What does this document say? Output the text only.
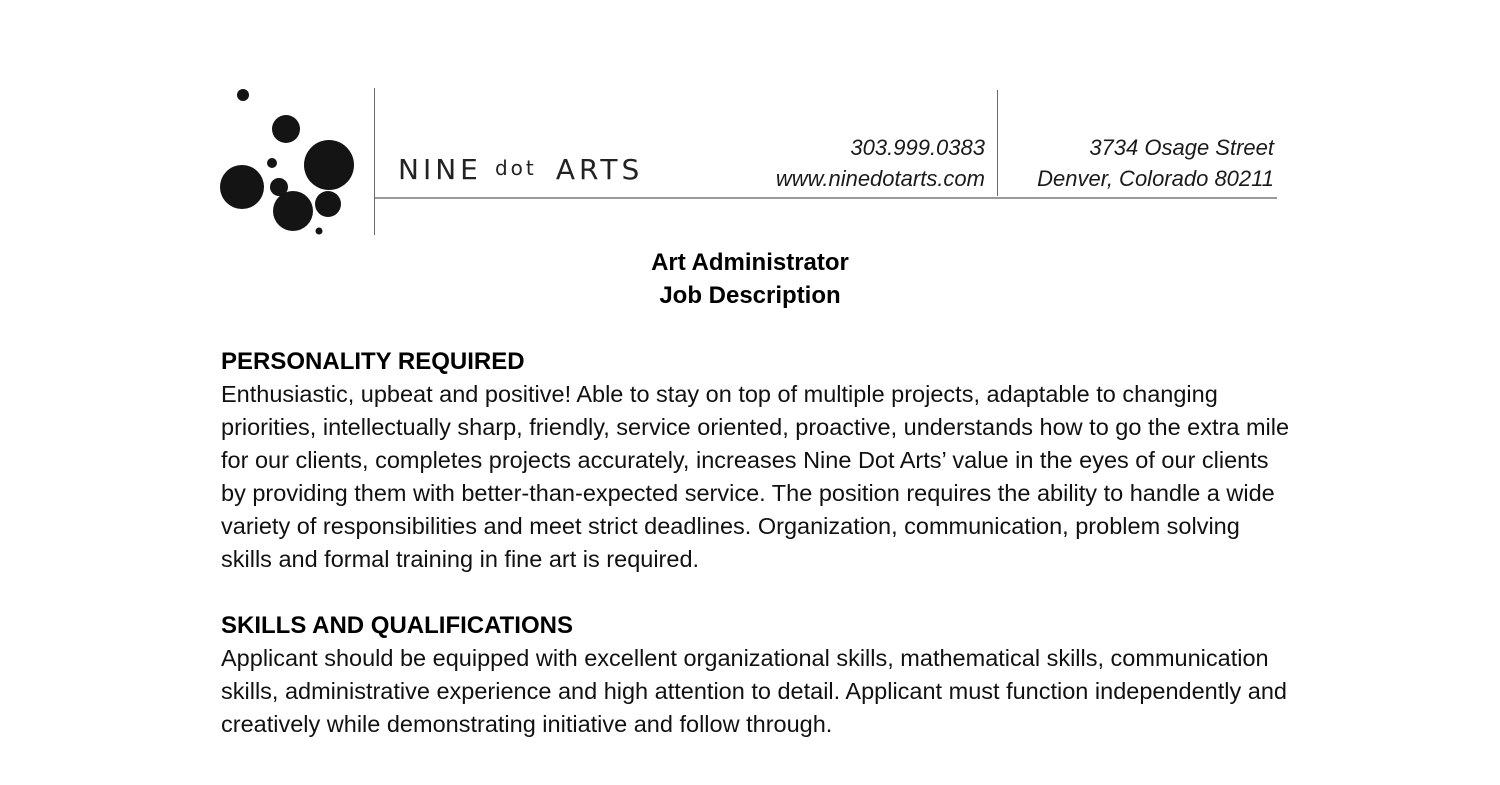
NINE dot ARTS
303.999.0383
www.ninedotarts.com
3734 Osage Street
Denver, Colorado 80211
Art Administrator
Job Description
PERSONALITY REQUIRED

Enthusiastic, upbeat and positive! Able to stay on top of multiple projects, adaptable to changing priorities, intellectually sharp, friendly, service oriented, proactive, understands how to go the extra mile for our clients, completes projects accurately, increases Nine Dot Arts’ value in the eyes of our clients by providing them with better-than-expected service. The position requires the ability to handle a wide variety of responsibilities and meet strict deadlines. Organization, communication, problem solving skills and formal training in fine art is required.

SKILLS AND QUALIFICATIONS

Applicant should be equipped with excellent organizational skills, mathematical skills, communication skills, administrative experience and high attention to detail. Applicant must function independently and creatively while demonstrating initiative and follow through.
